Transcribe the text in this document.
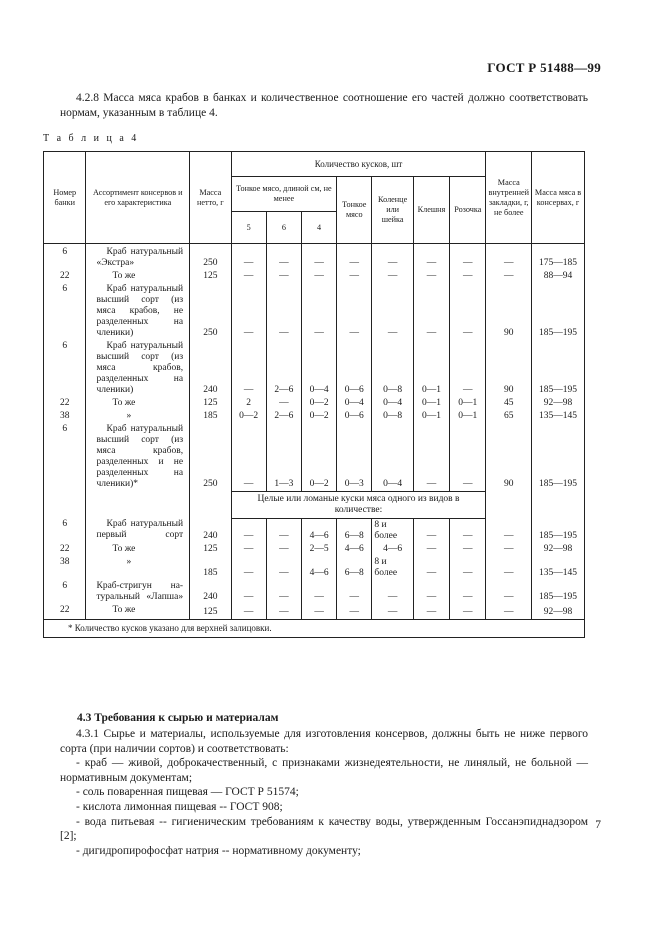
ГОСТ Р 51488—99

4.2.8 Масса мяса крабов в банках и количественное соотношение его частей должно соответствовать нормам, указанным в таблице 4.

Т а б л и ц а 4
Номер банки	Ассортимент консервов и его характеристика	Масса нетто, г	Количество кусков, шт							Масса внутренней закладки, г, не более	Масса мяса в консервах, г
			Тонкое мясо, длиной см, не менее			Тонкое мясо	Коленце или шейка	Клешня	Розочка		
			5	6	4						
6	Краб натуральный «Экстра»	250	—	—	—	—	—	—	—	—	175—185
22	То же	125	—	—	—	—	—	—	—	—	88—94
6	Краб натуральный высший сорт (из мяса крабов, не разделенных на членики)	250	—	—	—	—	—	—	—	90	185—195
6	Краб натуральный высший сорт (из мяса крабов, разделенных на членики)	240	—	2—6	0—4	0—6	0—8	0—1	—	90	185—195
22	То же	125	2	—	0—2	0—4	0—4	0—1	0—1	45	92—98
38	»	185	0—2	2—6	0—2	0—6	0—8	0—1	0—1	65	135—145
6	Краб натуральный высший сорт (из мяса крабов, разделенных и не разделенных на членики)*	250	—	1—3	0—2	0—3	0—4	—	—	90	185—195
			Целые или ломаные куски мяса одного из видов в количестве:								
6	Краб натуральный первый сорт	240	—	—	4—6	6—8	8 и более	—	—	—	185—195
22	То же	125	—	—	2—5	4—6	4—6	—	—	—	92—98
38	»	185	—	—	4—6	6—8	8 и более	—	—	—	135—145
6	Краб-стригун натуральный «Лапша»	240	—	—	—	—	—	—	—	—	185—195
22	То же	125	—	—	—	—	—	—	—	—	92—98
* Количество кусков указано для верхней залицовки.											
4.3 Требования к сырью и материалам

4.3.1 Сырье и материалы, используемые для изготовления консервов, должны быть не ниже первого сорта (при наличии сортов) и соответствовать:

- краб — живой, доброкачественный, с признаками жизнедеятельности, не линялый, не больной — нормативным документам;

- соль поваренная пищевая — ГОСТ Р 51574;

- кислота лимонная пищевая -- ГОСТ 908;

- вода питьевая -- гигиеническим требованиям к качеству воды, утвержденным Госсанэпиднадзором [2];

- дигидропирофосфат натрия -- нормативному документу;

7
